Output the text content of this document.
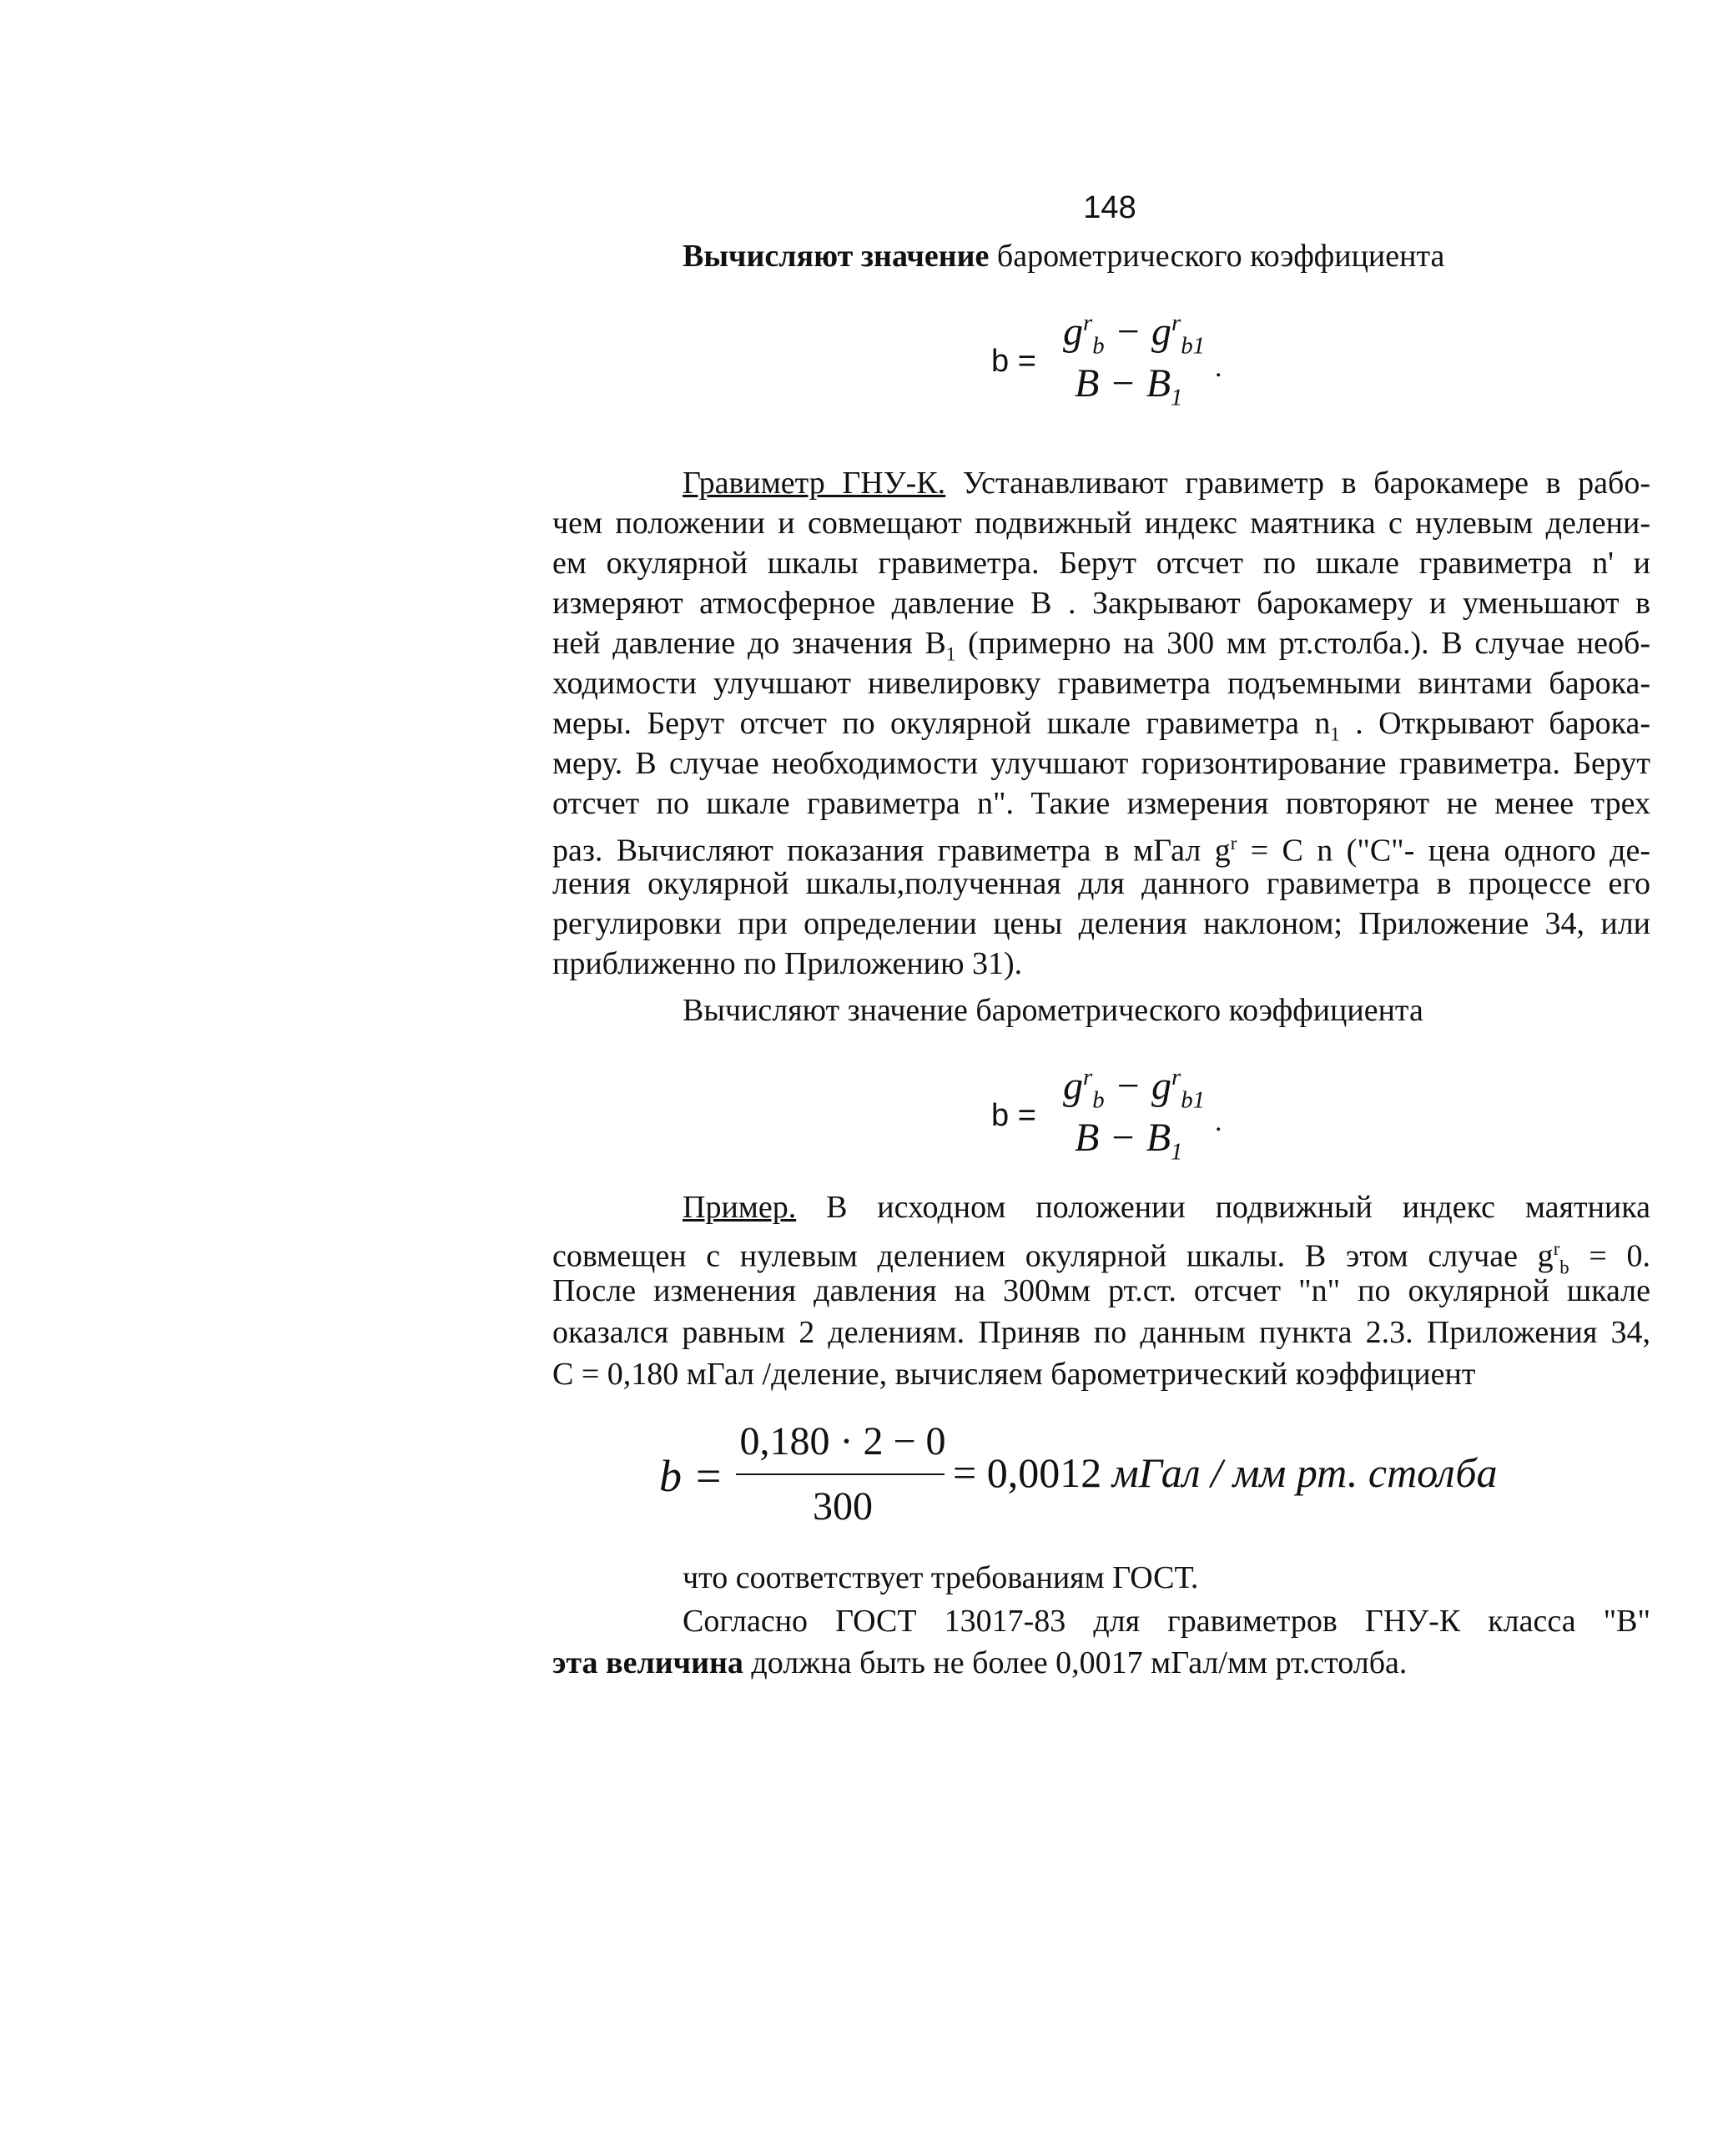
148
Вычисляют значение барометрического коэффициента
b =
$g^r_b - g^r_{b1}$
$B - B_1$
.
Гравиметр ГНУ-К. Устанавливают гравиметр в барокамере в рабо-
чем положении и совмещают подвижный индекс маятника с нулевым делени-
ем окулярной шкалы гравиметра. Берут отсчет по шкале гравиметра n' и
измеряют атмосферное давление В . Закрывают барокамеру и уменьшают в
ней давление до значения $В_1$ (примерно на 300 мм рт.столба.). В случае необ-
ходимости улучшают нивелировку гравиметра подъемными винтами барока-
меры. Берут отсчет по окулярной шкале гравиметра $n_1$ . Открывают барока-
меру. В случае необходимости улучшают горизонтирование гравиметра. Берут
отсчет по шкале гравиметра n". Такие измерения повторяют не менее трех
раз. Вычисляют показания гравиметра в мГал $g^r = C$ n ("С"- цена одного де-
ления окулярной шкалы,полученная для данного гравиметра в процессе его
регулировки при определении цены деления наклоном; Приложение 34, или
приближенно по Приложению 31).
Вычисляют значение барометрического коэффициента
b =
$g^r_b - g^r_{b1}$
$B - B_1$
.
Пример. В исходном положении подвижный индекс маятника
совмещен с нулевым делением окулярной шкалы. В этом случае $g^r_b = 0$.
После изменения давления на 300мм рт.ст. отсчет "n" по окулярной шкале
оказался равным 2 делениям. Приняв по данным пункта 2.3. Приложения 34,
С = 0,180 мГал /деление, вычисляем барометрический коэффициент
b =
0,180 · 2 − 0
300
= 0,0012 мГал / мм рт. столба
что соответствует требованиям ГОСТ.
Согласно ГОСТ 13017-83 для гравиметров ГНУ-К класса "В"
эта величина должна быть не более 0,0017 мГал/мм рт.столба.
